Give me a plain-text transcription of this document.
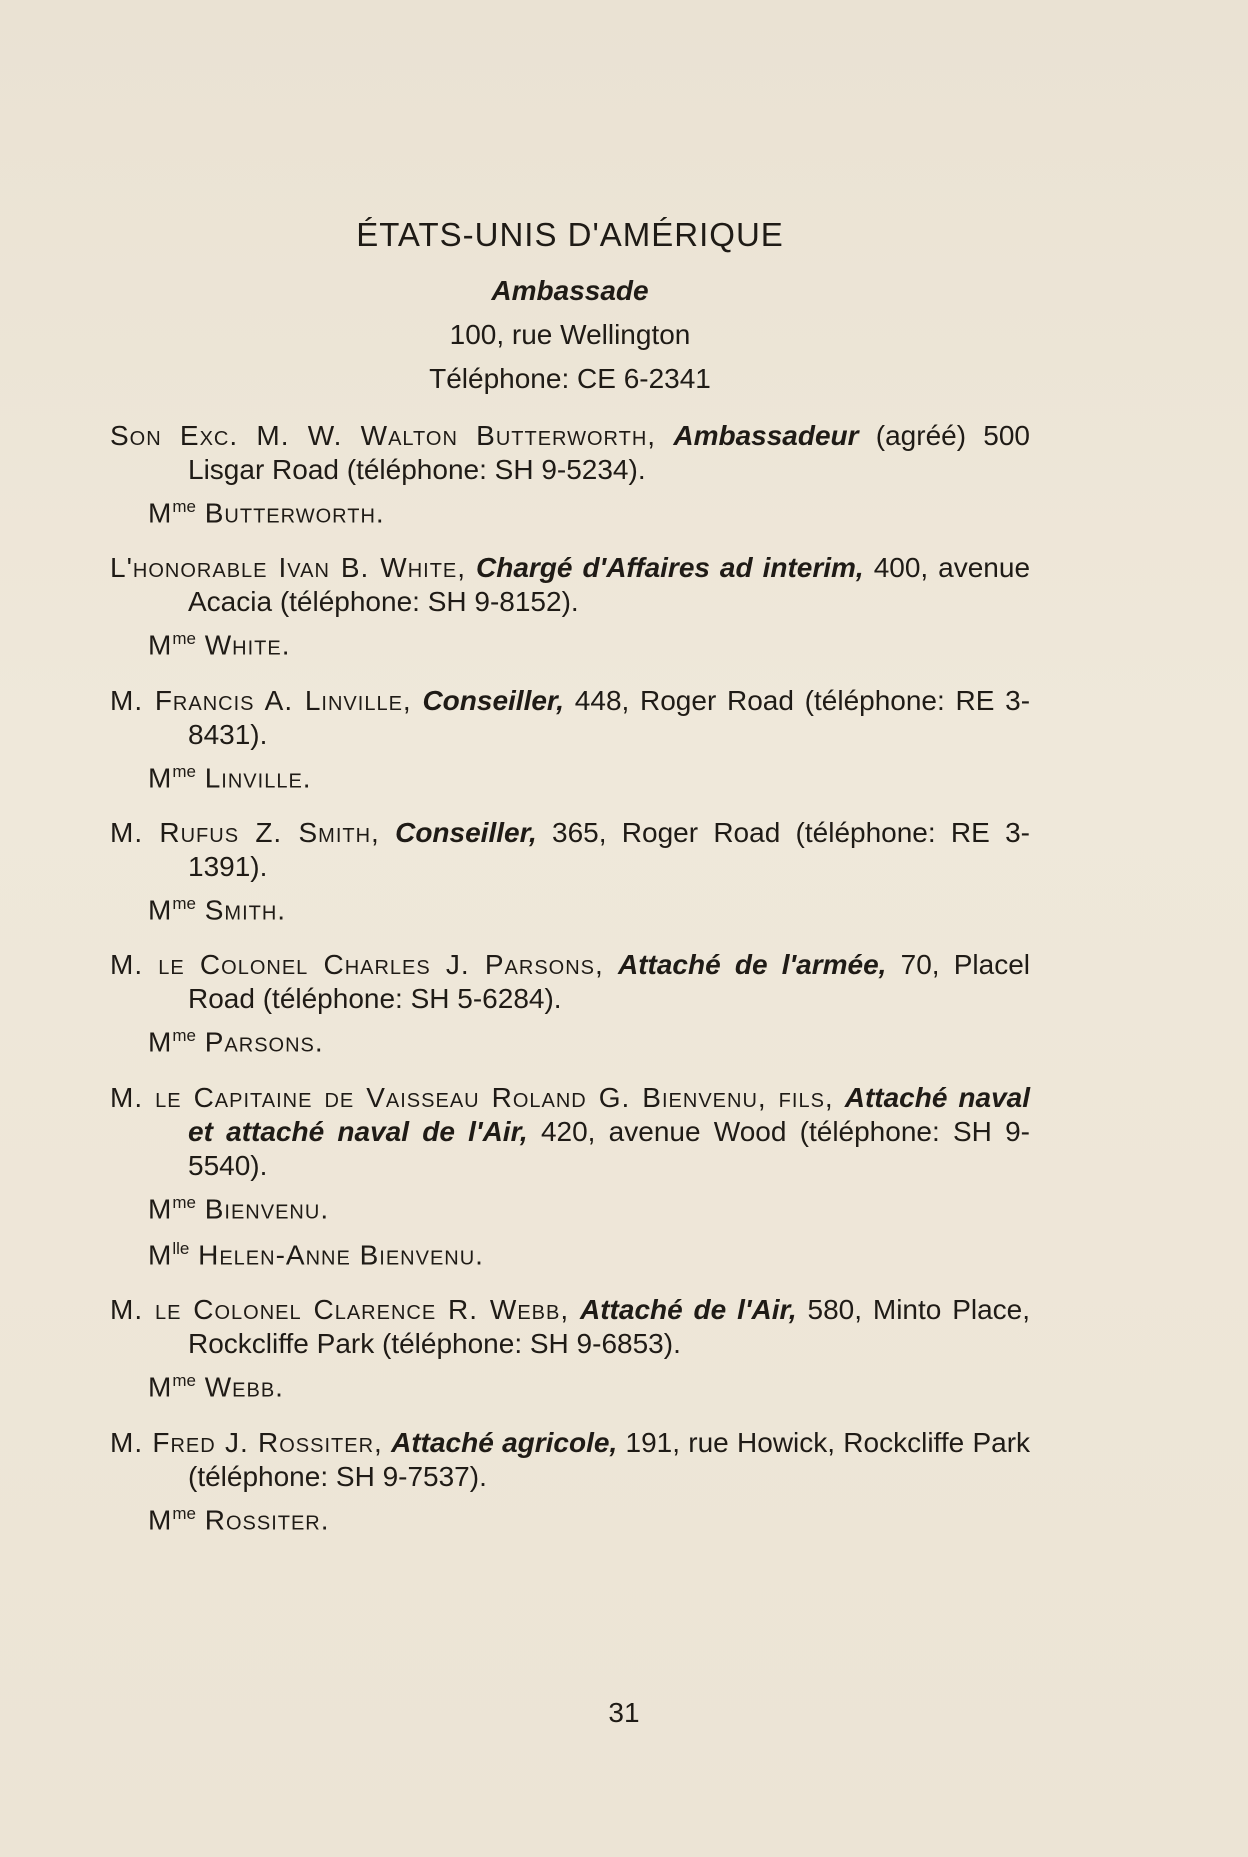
ÉTATS-UNIS D'AMÉRIQUE
Ambassade
100, rue Wellington
Téléphone: CE 6-2341
Son Exc. M. W. Walton Butterworth, Ambassadeur (agréé) 500 Lisgar Road (téléphone: SH 9-5234).
$M^{me}$ Butterworth.
L'honorable Ivan B. White, Chargé d'Affaires ad interim, 400, avenue Acacia (téléphone: SH 9-8152).
$M^{me}$ White.
M. Francis A. Linville, Conseiller, 448, Roger Road (téléphone: RE 3-8431).
$M^{me}$ Linville.
M. Rufus Z. Smith, Conseiller, 365, Roger Road (téléphone: RE 3-1391).
$M^{me}$ Smith.
M. le Colonel Charles J. Parsons, Attaché de l'armée, 70, Placel Road (téléphone: SH 5-6284).
$M^{me}$ Parsons.
M. le Capitaine de Vaisseau Roland G. Bienvenu, fils, Attaché naval et attaché naval de l'Air, 420, avenue Wood (téléphone: SH 9-5540).
$M^{me}$ Bienvenu.
$M^{lle}$ Helen-Anne Bienvenu.
M. le Colonel Clarence R. Webb, Attaché de l'Air, 580, Minto Place, Rockcliffe Park (téléphone: SH 9-6853).
$M^{me}$ Webb.
M. Fred J. Rossiter, Attaché agricole, 191, rue Howick, Rockcliffe Park (téléphone: SH 9-7537).
$M^{me}$ Rossiter.
31
